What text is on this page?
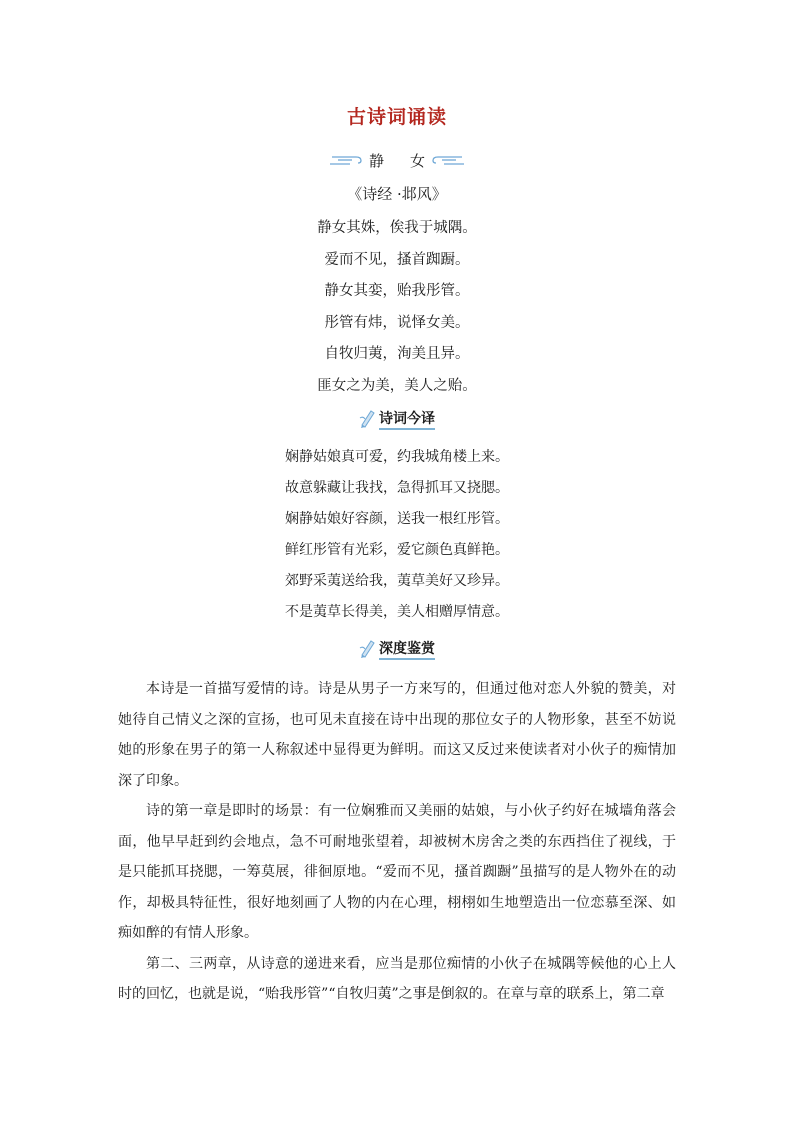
古诗词诵读
静 女
《诗经 ·邶风》
静女其姝，俟我于城隅。
爱而不见，搔首踟蹰。
静女其娈，贻我彤管。
彤管有炜，说怿女美。
自牧归荑，洵美且异。
匪女之为美，美人之贻。
诗词今译
娴静姑娘真可爱，约我城角楼上来。
故意躲藏让我找，急得抓耳又挠腮。
娴静姑娘好容颜，送我一根红彤管。
鲜红彤管有光彩，爱它颜色真鲜艳。
郊野采荑送给我，荑草美好又珍异。
不是荑草长得美，美人相赠厚情意。
深度鉴赏

本诗是一首描写爱情的诗。诗是从男子一方来写的，但通过他对恋人外貌的赞美，对她待自己情义之深的宣扬，也可见未直接在诗中出现的那位女子的人物形象，甚至不妨说她的形象在男子的第一人称叙述中显得更为鲜明。而这又反过来使读者对小伙子的痴情加深了印象。

诗的第一章是即时的场景：有一位娴雅而又美丽的姑娘，与小伙子约好在城墙角落会面，他早早赶到约会地点，急不可耐地张望着，却被树木房舍之类的东西挡住了视线，于是只能抓耳挠腮，一筹莫展，徘徊原地。“爱而不见，搔首踟蹰”虽描写的是人物外在的动作，却极具特征性，很好地刻画了人物的内在心理，栩栩如生地塑造出一位恋慕至深、如痴如醉的有情人形象。

第二、三两章，从诗意的递进来看，应当是那位痴情的小伙子在城隅等候他的心上人时的回忆，也就是说，“贻我彤管”“自牧归荑”之事是倒叙的。在章与章的联系上，第二章
